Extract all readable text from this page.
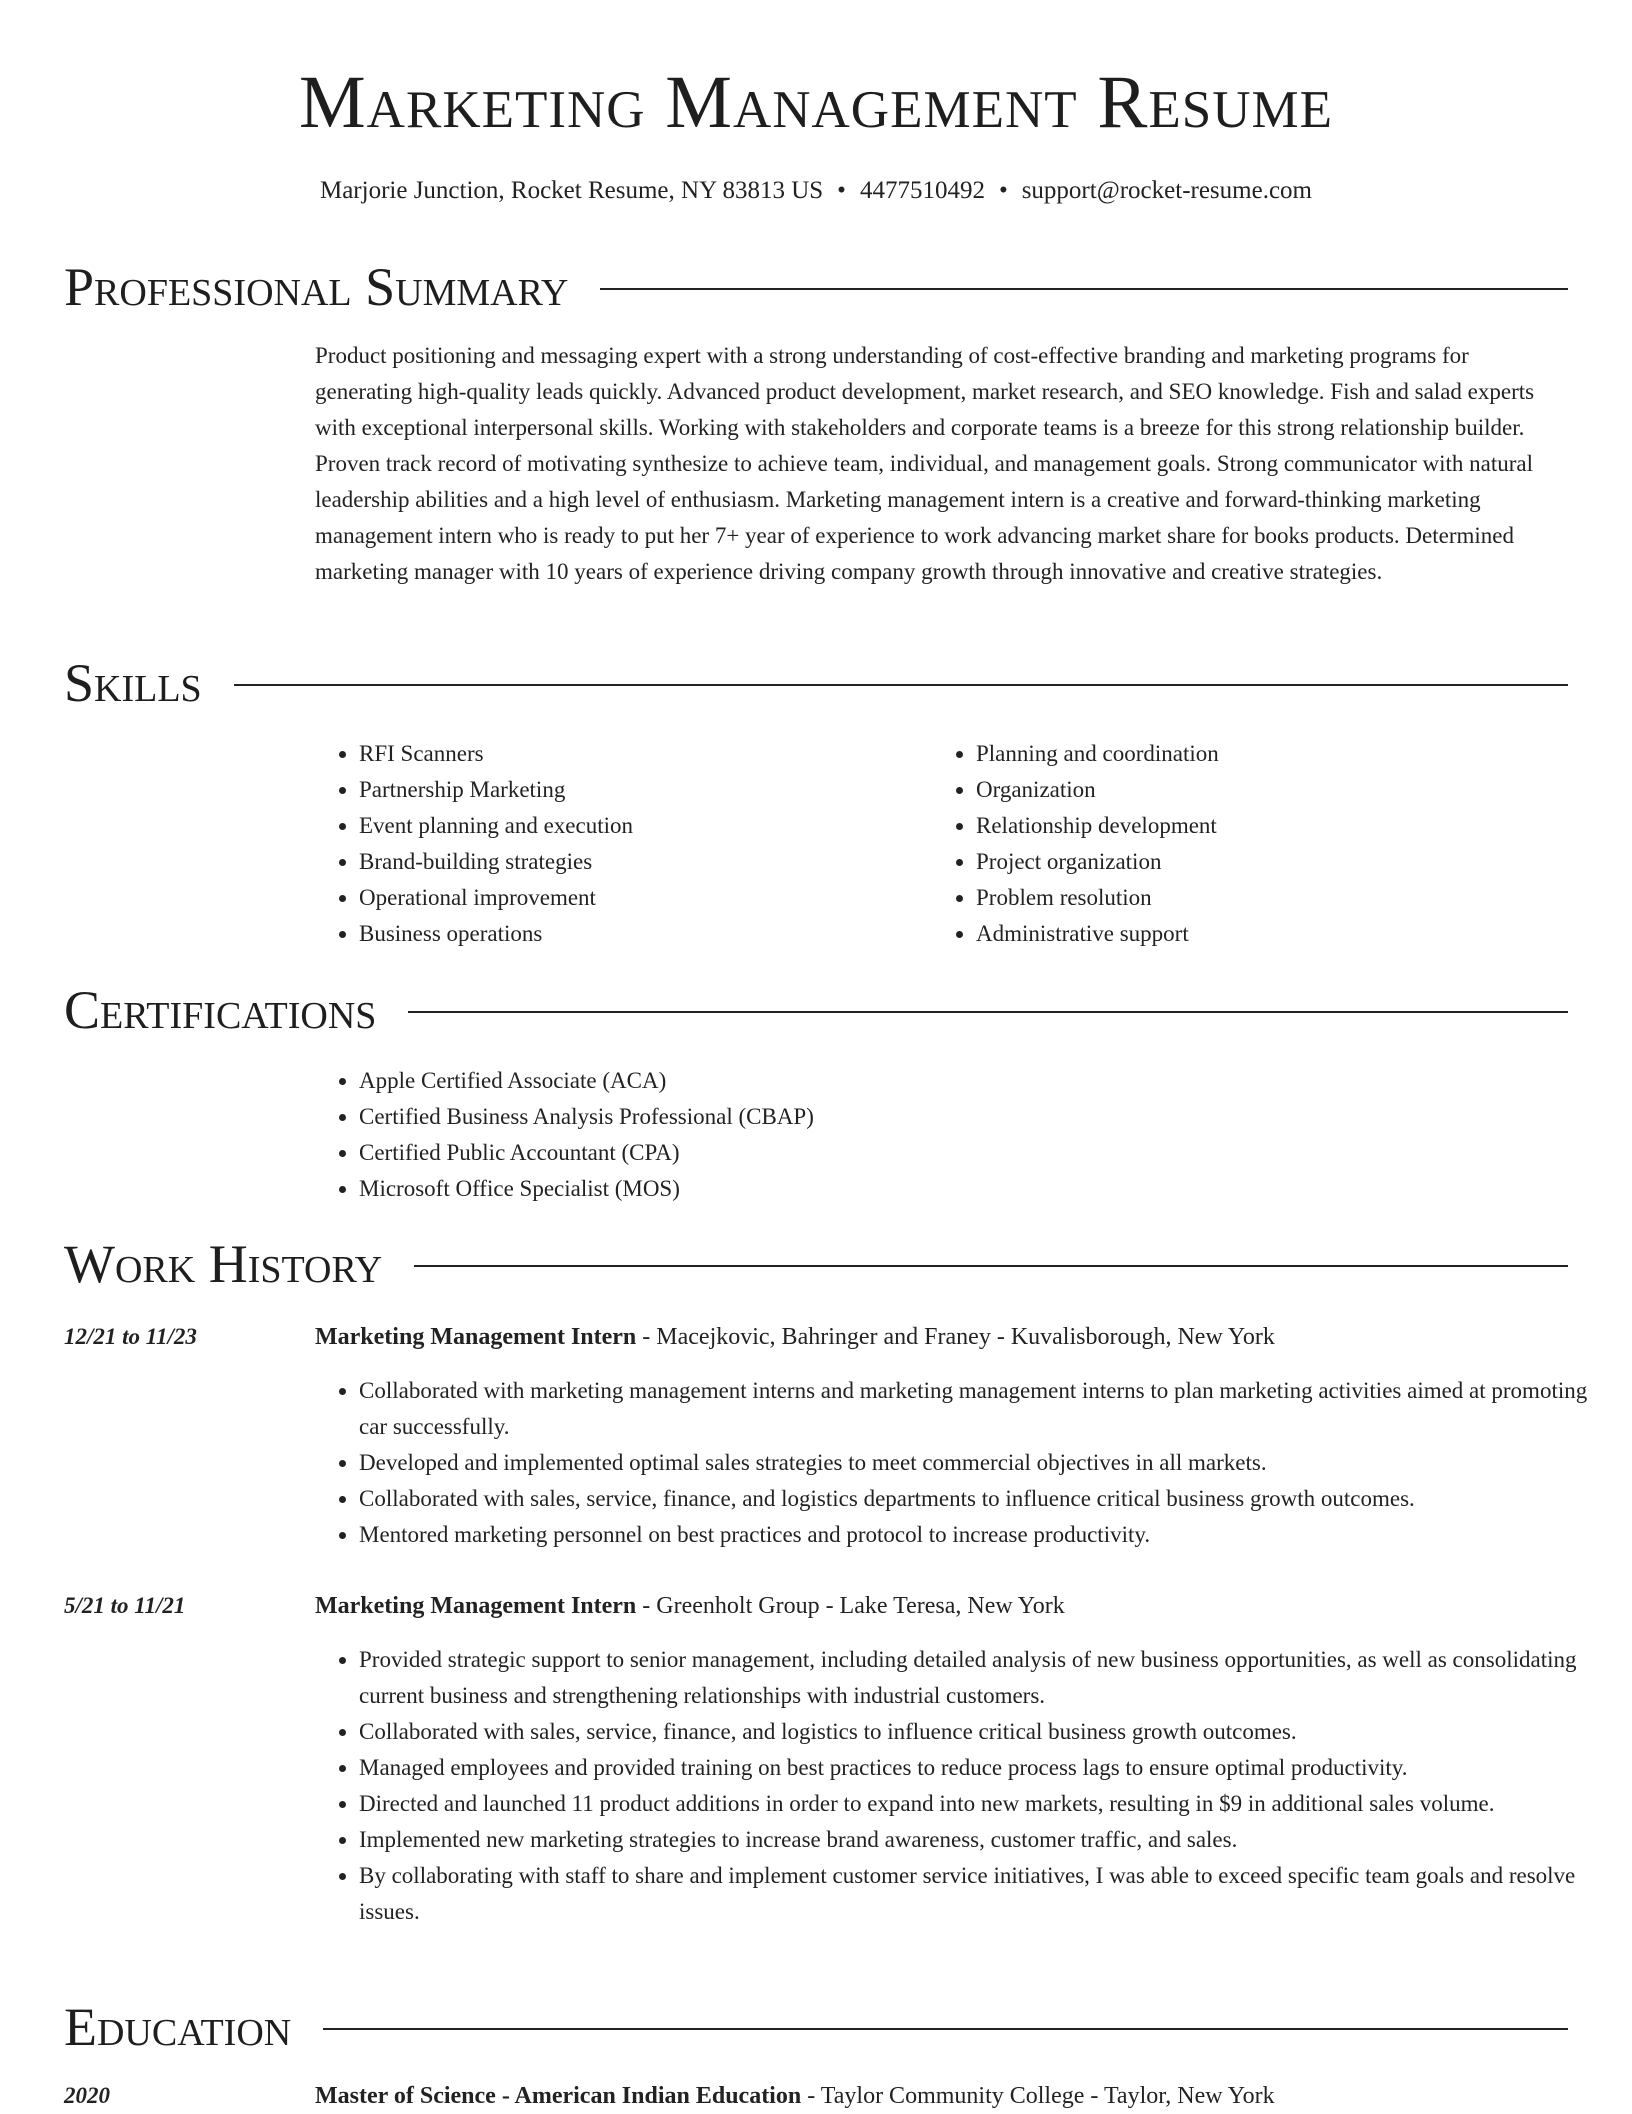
Marketing Management Resume
Marjorie Junction, Rocket Resume, NY 83813 US • 4477510492 • support@rocket-resume.com
Professional Summary

Product positioning and messaging expert with a strong understanding of cost-effective branding and marketing programs for generating high-quality leads quickly. Advanced product development, market research, and SEO knowledge. Fish and salad experts with exceptional interpersonal skills. Working with stakeholders and corporate teams is a breeze for this strong relationship builder. Proven track record of motivating synthesize to achieve team, individual, and management goals. Strong communicator with natural leadership abilities and a high level of enthusiasm. Marketing management intern is a creative and forward-thinking marketing management intern who is ready to put her 7+ year of experience to work advancing market share for books products. Determined marketing manager with 10 years of experience driving company growth through innovative and creative strategies.

Skills
• RFI Scanners
• Partnership Marketing
• Event planning and execution
• Brand-building strategies
• Operational improvement
• Business operations
• Planning and coordination
• Organization
• Relationship development
• Project organization
• Problem resolution
• Administrative support
Certifications
• Apple Certified Associate (ACA)
• Certified Business Analysis Professional (CBAP)
• Certified Public Accountant (CPA)
• Microsoft Office Specialist (MOS)
Work History
12/21 to 11/23	Marketing Management Intern - Macejkovic, Bahringer and Franey - Kuvalisborough, New York
• Collaborated with marketing management interns and marketing management interns to plan marketing activities aimed at promoting car successfully.
• Developed and implemented optimal sales strategies to meet commercial objectives in all markets.
• Collaborated with sales, service, finance, and logistics departments to influence critical business growth outcomes.
• Mentored marketing personnel on best practices and protocol to increase productivity.
5/21 to 11/21	Marketing Management Intern - Greenholt Group - Lake Teresa, New York
• Provided strategic support to senior management, including detailed analysis of new business opportunities, as well as consolidating current business and strengthening relationships with industrial customers.
• Collaborated with sales, service, finance, and logistics to influence critical business growth outcomes.
• Managed employees and provided training on best practices to reduce process lags to ensure optimal productivity.
• Directed and launched 11 product additions in order to expand into new markets, resulting in $9 in additional sales volume.
• Implemented new marketing strategies to increase brand awareness, customer traffic, and sales.
• By collaborating with staff to share and implement customer service initiatives, I was able to exceed specific team goals and resolve issues.
Education
2020	Master of Science - American Indian Education - Taylor Community College - Taylor, New York
